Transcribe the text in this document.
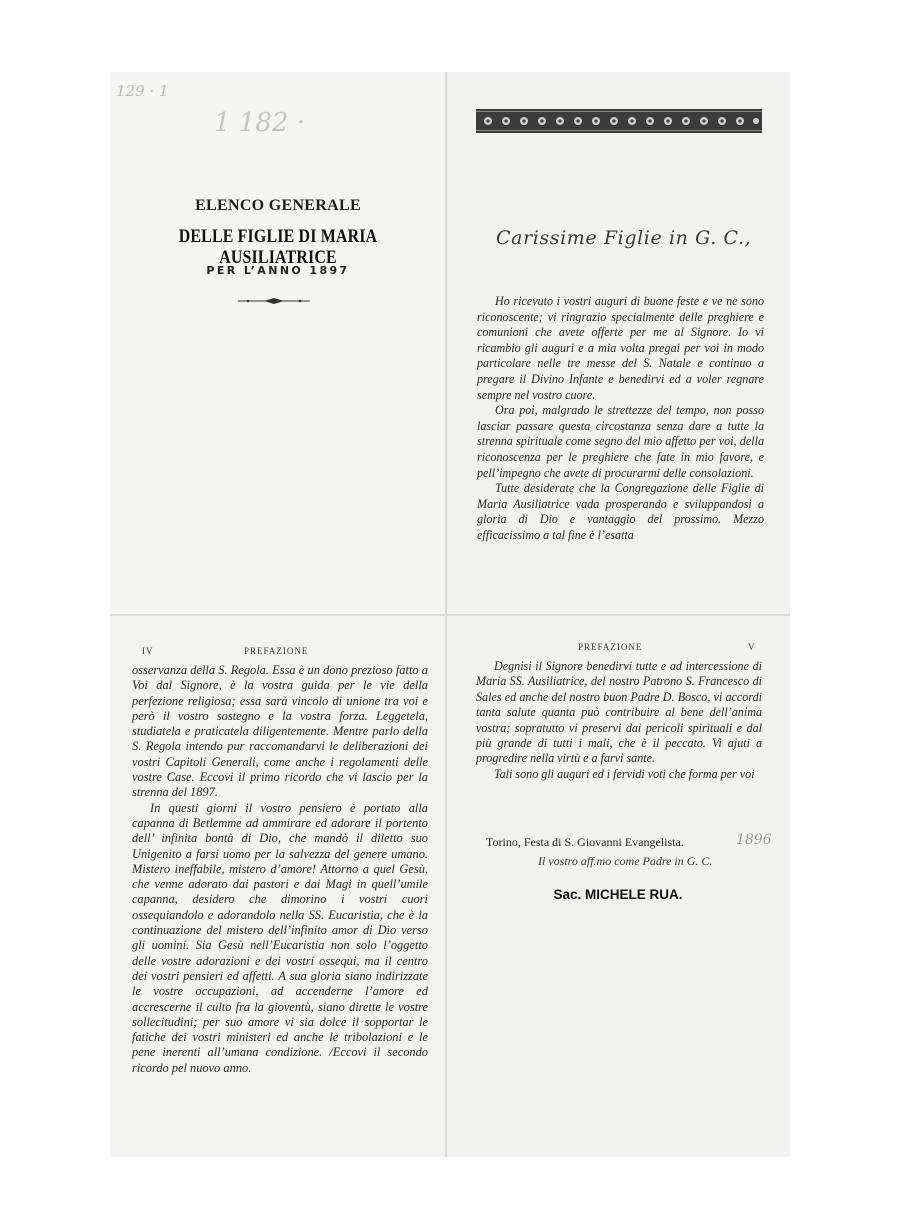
129 · 1
1 182 ·
ELENCO GENERALE
DELLE FIGLIE DI MARIA AUSILIATRICE
PER L’ANNO 1897
Carissime Figlie in G. C.,

Ho ricevuto i vostri auguri di buone feste e ve ne sono riconoscente; vi ringrazio specialmente delle preghiere e comunioni che avete offerte per me al Signore. Io vi ricambio gli auguri e a mia volta pregai per voi in modo particolare nelle tre messe del S. Natale e continuo a pregare il Divino Infante e benedirvi ed a voler regnare sempre nel vostro cuore.

Ora poi, malgrado le strettezze del tempo, non posso lasciar passare questa circostanza senza dare a tutte la strenna spirituale come segno del mio affetto per voi, della riconoscenza per le preghiere che fate in mio favore, e pell’impegno che avete di procurarmi delle consolazioni.

Tutte desiderate che la Congregazione delle Figlie di Maria Ausiliatrice vada prosperando e sviluppandosi a gloria di Dio e vantaggio del prossimo. Mezzo efficacissimo a tal fine è l’esatta

IV	PREFAZIONE

osservanza della S. Regola. Essa è un dono prezioso fatto a Voi dal Signore, è la vostra guida per le vie della perfezione religiosa; essa sarà vincolo di unione tra voi e però il vostro sostegno e la vostra forza. Leggetela, studiatela e praticatela diligentemente. Mentre parlo della S. Regola intendo pur raccomandarvi le deliberazioni dei vostri Capitoli Generali, come anche i regolamenti delle vostre Case. Eccovi il primo ricordo che vi lascio per la strenna del 1897.

In questi giorni il vostro pensiero è portato alla capanna di Betlemme ad ammirare ed adorare il portento dell’ infinita bontà di Dio, che mandò il diletto suo Unigenito a farsi uomo per la salvezza del genere umano. Mistero ineffabile, mistero d’amore! Attorno a quel Gesù, che venne adorato dai pastori e dai Magi in quell’umile capanna, desidero che dimorino i vostri cuori ossequiandolo e adorandolo nella SS. Eucaristia, che è la continuazione del mistero dell’infinito amor di Dio verso gli uomini. Sia Gesù nell’Eucaristia non solo l’oggetto delle vostre adorazioni e dei vostri ossequi, ma il centro dei vostri pensieri ed affetti. A sua gloria siano indirizzate le vostre occupazioni, ad accenderne l’amore ed accrescerne il culto fra la gioventù, siano dirette le vostre sollecitudini; per suo amore vi sia dolce il sopportar le fatiche dei vostri ministeri ed anche le tribolazioni e le pene inerenti all’umana condizione. /Eccovi il secondo ricordo pel nuovo anno.

PREFAZIONE	V

Degnisi il Signore benedirvi tutte e ad intercessione di Maria SS. Ausiliatrice, del nostro Patrono S. Francesco di Sales ed anche del nostro buon Padre D. Bosco, vi accordi tanta salute quanta può contribuire al bene dell’anima vostra; sopratutto vi preservi dai pericoli spirituali e dal più grande di tutti i mali, che è il peccato. Vi ajuti a progredire nella virtù e a farvi sante.

Tali sono gli auguri ed i fervidi voti che forma per voi

Torino, Festa di S. Giovanni Evangelista.	1896
Il vostro aff.mo come Padre in G. C.
Sac. MICHELE RUA.
